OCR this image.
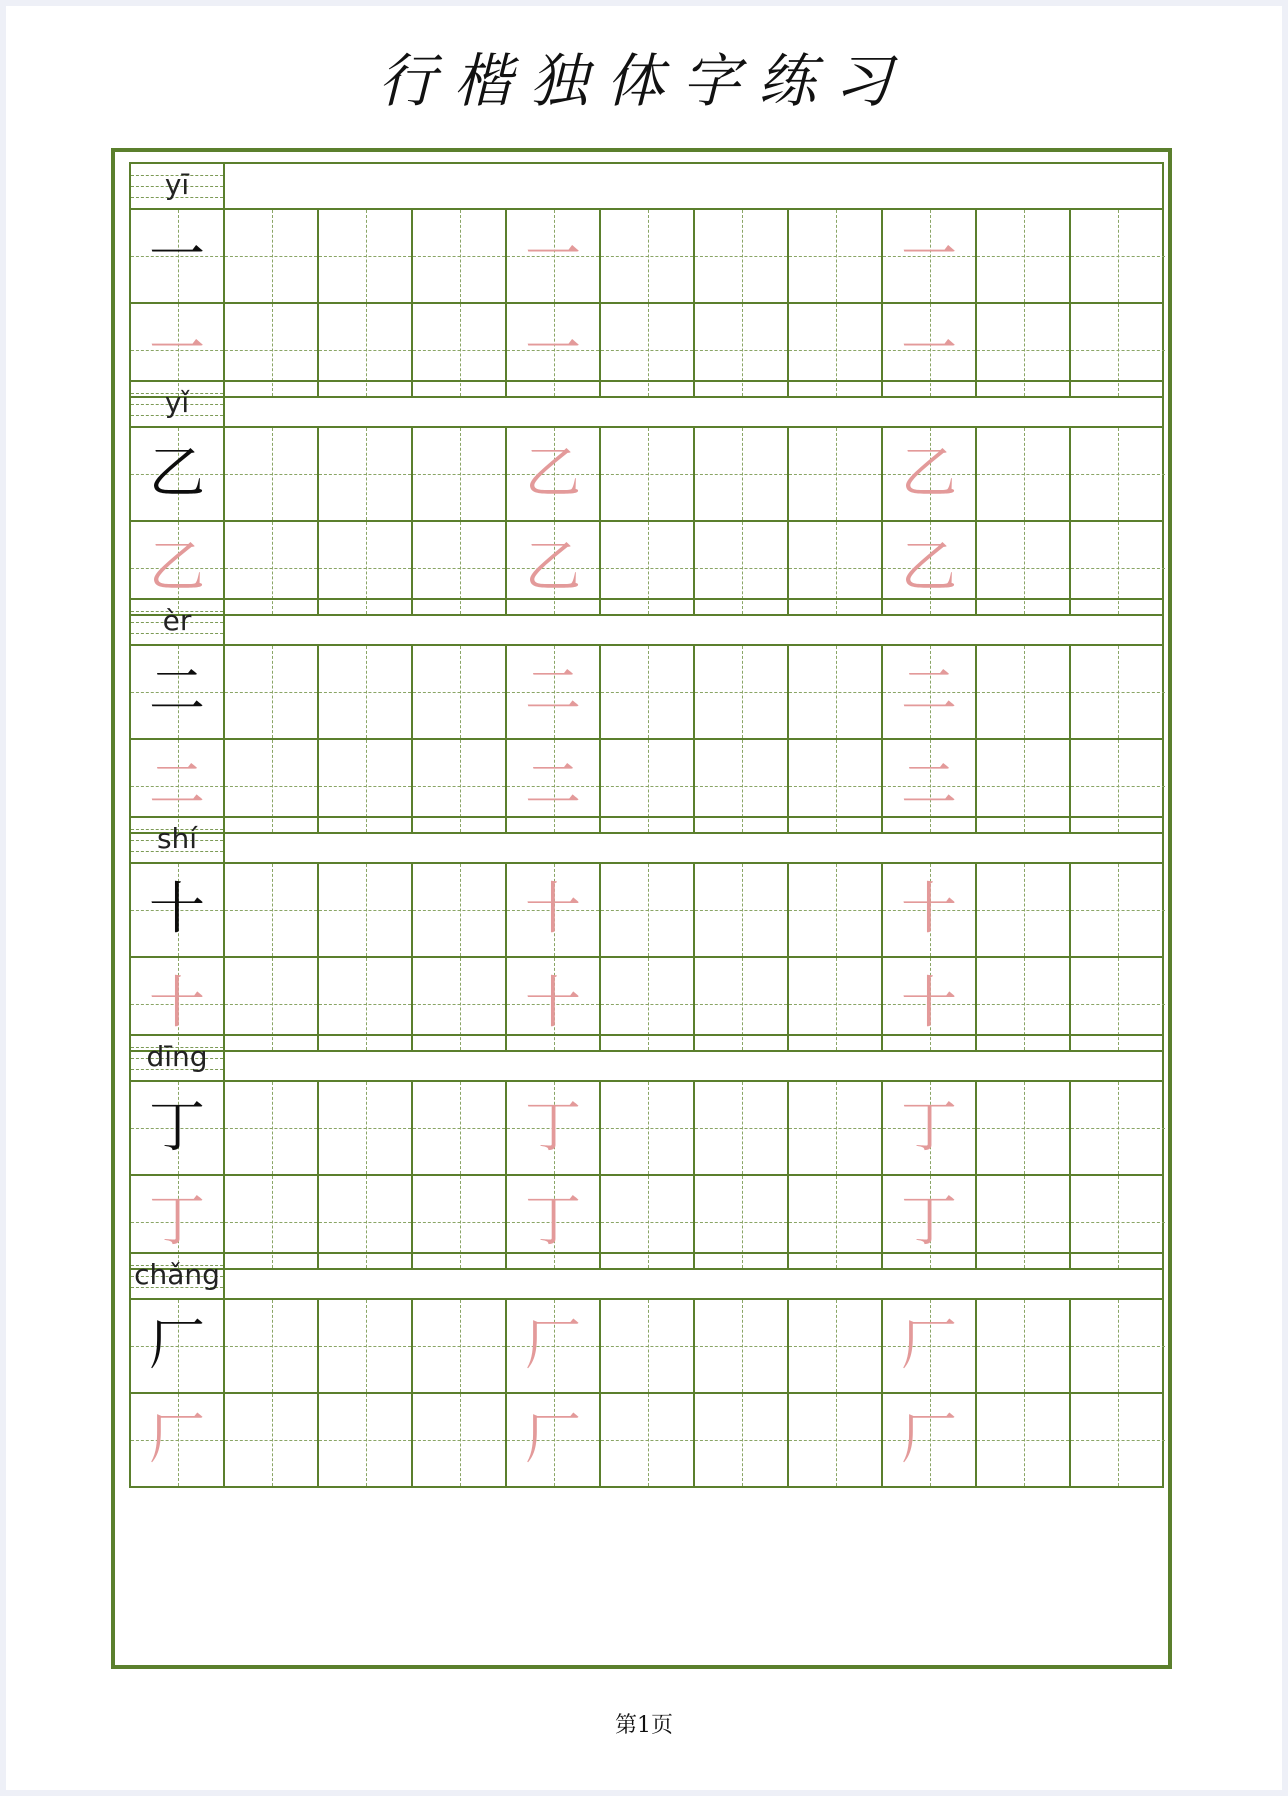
行楷独体字练习
yī
一	一	一
一	一	一
yǐ
乙	乙	乙
乙	乙	乙
èr
二	二	二
二	二	二
shí
十	十	十
十	十	十
dīng
丁	丁	丁
丁	丁	丁
chǎng
厂	厂	厂
厂	厂	厂
第1页
